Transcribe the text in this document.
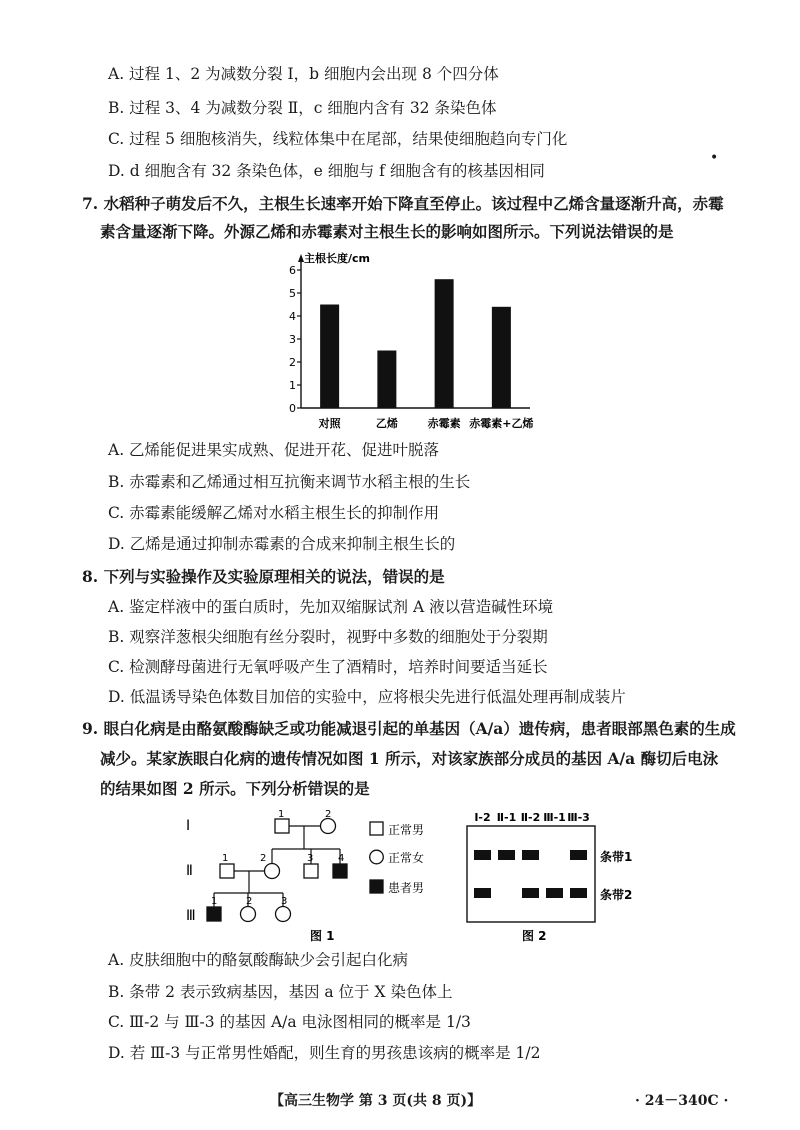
A. 过程 1、2 为减数分裂 Ⅰ，b 细胞内会出现 8 个四分体
B. 过程 3、4 为减数分裂 Ⅱ，c 细胞内含有 32 条染色体
C. 过程 5 细胞核消失，线粒体集中在尾部，结果使细胞趋向专门化
D. d 细胞含有 32 条染色体，e 细胞与 f 细胞含有的核基因相同
•
7. 水稻种子萌发后不久，主根生长速率开始下降直至停止。该过程中乙烯含量逐渐升高，赤霉
素含量逐渐下降。外源乙烯和赤霉素对主根生长的影响如图所示。下列说法错误的是
主根长度/cm
0
1
2
3
4
5
6
对照	乙烯	赤霉素 赤霉素+乙烯
A. 乙烯能促进果实成熟、促进开花、促进叶脱落
B. 赤霉素和乙烯通过相互抗衡来调节水稻主根的生长
C. 赤霉素能缓解乙烯对水稻主根生长的抑制作用
D. 乙烯是通过抑制赤霉素的合成来抑制主根生长的
8. 下列与实验操作及实验原理相关的说法，错误的是
A. 鉴定样液中的蛋白质时，先加双缩脲试剂 A 液以营造碱性环境
B. 观察洋葱根尖细胞有丝分裂时，视野中多数的细胞处于分裂期
C. 检测酵母菌进行无氧呼吸产生了酒精时，培养时间要适当延长
D. 低温诱导染色体数目加倍的实验中，应将根尖先进行低温处理再制成装片
9. 眼白化病是由酪氨酸酶缺乏或功能减退引起的单基因（A/a）遗传病，患者眼部黑色素的生成
减少。某家族眼白化病的遗传情况如图 1 所示，对该家族部分成员的基因 A/a 酶切后电泳
的结果如图 2 所示。下列分析错误的是
Ⅰ
Ⅱ
Ⅲ
1	2
1	2	3 4
1	2	3
正常男
正常女
患者男
图 1
Ⅰ-2 Ⅱ-1 Ⅱ-2 Ⅲ-1 Ⅲ-3
条带1
条带2
图 2
A. 皮肤细胞中的酪氨酸酶缺少会引起白化病
B. 条带 2 表示致病基因，基因 a 位于 X 染色体上
C. Ⅲ-2 与 Ⅲ-3 的基因 A/a 电泳图相同的概率是 1/3
D. 若 Ⅲ-3 与正常男性婚配，则生育的男孩患该病的概率是 1/2
【高三生物学 第 3 页(共 8 页)】	· 24－340C ·
